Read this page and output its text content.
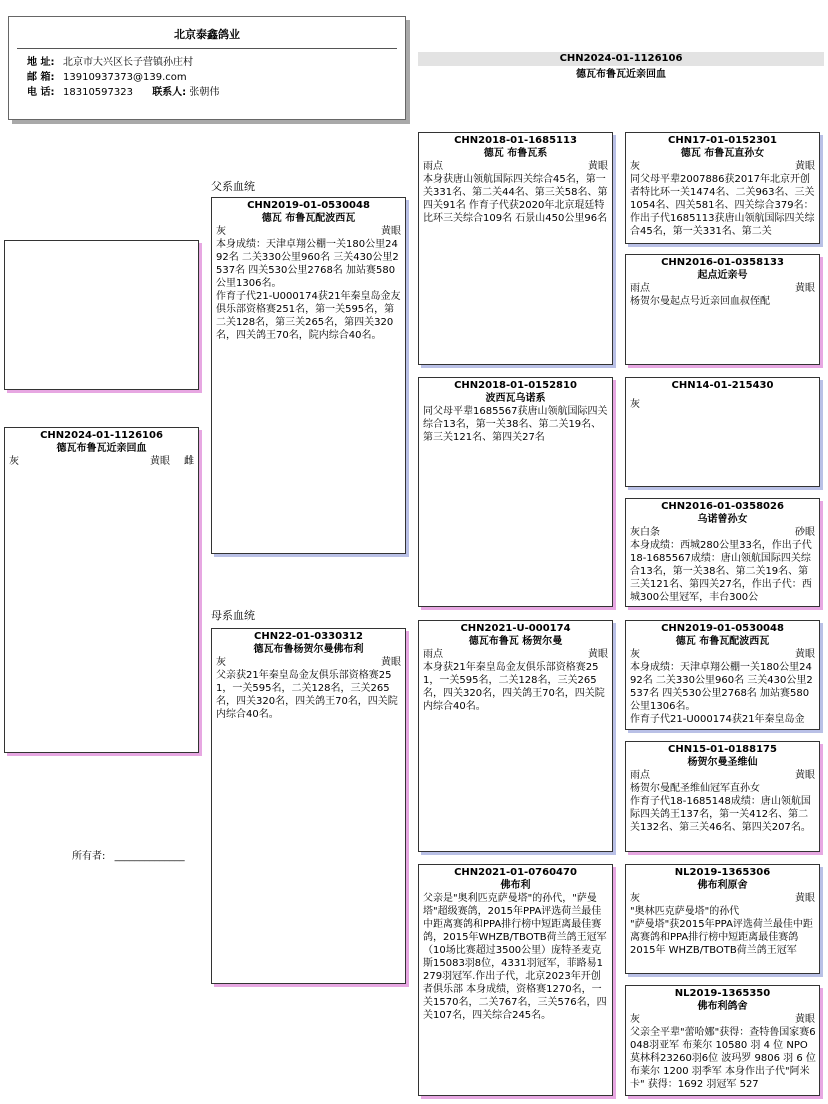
北京泰鑫鸽业
地 址: 北京市大兴区长子营镇孙庄村
邮 箱: 13910937373@139.com
电 话: 18310597323 联系人: 张朝伟
CHN2024-01-1126106
德瓦布鲁瓦近亲回血
CHN2024-01-1126106
德瓦布鲁瓦近亲回血
灰	黄眼 雌
所有者: ______________
父系血统
母系血统
CHN2019-01-0530048
德瓦 布鲁瓦配波西瓦
灰	黄眼
本身成绩：天津卓翔公棚一关180公里2492名 二关330公里960名 三关430公里2537名 四关530公里2768名 加站赛580公里1306名。
作育子代21-U000174获21年秦皇岛金友俱乐部资格赛251名，第一关595名，第二关128名，第三关265名，第四关320名，四关鸽王70名，院内综合40名。
CHN22-01-0330312
德瓦布鲁杨贺尔曼佛布利
灰	黄眼
父亲获21年秦皇岛金友俱乐部资格赛251，一关595名，二关128名，三关265名，四关320名，四关鸽王70名，四关院内综合40名。
CHN2018-01-1685113
德瓦 布鲁瓦系
雨点	黄眼
本身获唐山领航国际四关综合45名，第一关331名、第二关44名、第三关58名、第四关91名 作育子代获2020年北京琨廷特比环三关综合109名 石景山450公里96名
CHN2018-01-0152810
波西瓦乌诺系
同父母平辈1685567获唐山领航国际四关综合13名，第一关38名、第二关19名、第三关121名、第四关27名
CHN2021-U-000174
德瓦布鲁瓦 杨贺尔曼
雨点	黄眼
本身获21年秦皇岛金友俱乐部资格赛251，一关595名，二关128名，三关265名，四关320名，四关鸽王70名，四关院内综合40名。
CHN2021-01-0760470
佛布利
父亲是"奥利匹克萨曼塔"的孙代，"萨曼塔"超级赛鸽，2015年PPA评选荷兰最佳中距离赛鸽和PPA排行榜中短距离最佳赛鸽，2015年WHZB/TBOTB荷兰鸽王冠军（10场比赛超过3500公里）庞特圣麦克斯15083羽8位，4331羽冠军，菲路易1279羽冠军.作出子代，北京2023年开创者俱乐部 本身成绩，资格赛1270名，一关1570名，二关767名，三关576名，四关107名，四关综合245名。
CHN17-01-0152301
德瓦 布鲁瓦直孙女
灰	黄眼
同父母平辈2007886获2017年北京开创者特比环一关1474名、二关963名、三关1054名、四关581名、四关综合379名：作出子代1685113获唐山领航国际四关综合45名，第一关331名、第二关
CHN2016-01-0358133
起点近亲号
雨点	黄眼
杨贺尔曼起点号近亲回血叔侄配
CHN14-01-215430
灰
CHN2016-01-0358026
乌诺曾孙女
灰白条	砂眼
本身成绩：西城280公里33名，作出子代18-1685567成绩：唐山领航国际四关综合13名，第一关38名、第二关19名、第三关121名、第四关27名，作出子代：西城300公里冠军，丰台300公
CHN2019-01-0530048
德瓦 布鲁瓦配波西瓦
灰	黄眼
本身成绩：天津卓翔公棚一关180公里2492名 二关330公里960名 三关430公里2537名 四关530公里2768名 加站赛580公里1306名。
作育子代21-U000174获21年秦皇岛金
CHN15-01-0188175
杨贺尔曼圣维仙
雨点	黄眼
杨贺尔曼配圣维仙冠军直孙女
作育子代18-1685148成绩：唐山领航国际四关鸽王137名，第一关412名、第二关132名、第三关46名、第四关207名。
NL2019-1365306
佛布利原舍
灰	黄眼
"奥林匹克萨曼塔"的孙代
"萨曼塔"获2015年PPA评选荷兰最佳中距离赛鸽和PPA排行榜中短距离最佳赛鸽
2015年 WHZB/TBOTB荷兰鸽王冠军
NL2019-1365350
佛布利鸽舍
灰	黄眼
父亲全平辈"蕾哈娜"获得：查特鲁国家赛6048羽亚军 布莱尔 10580 羽 4 位 NPO莫林科23260羽6位 波玛罗 9806 羽 6 位 布莱尔 1200 羽季军 本身作出子代"阿米卡" 获得：1692 羽冠军 527
